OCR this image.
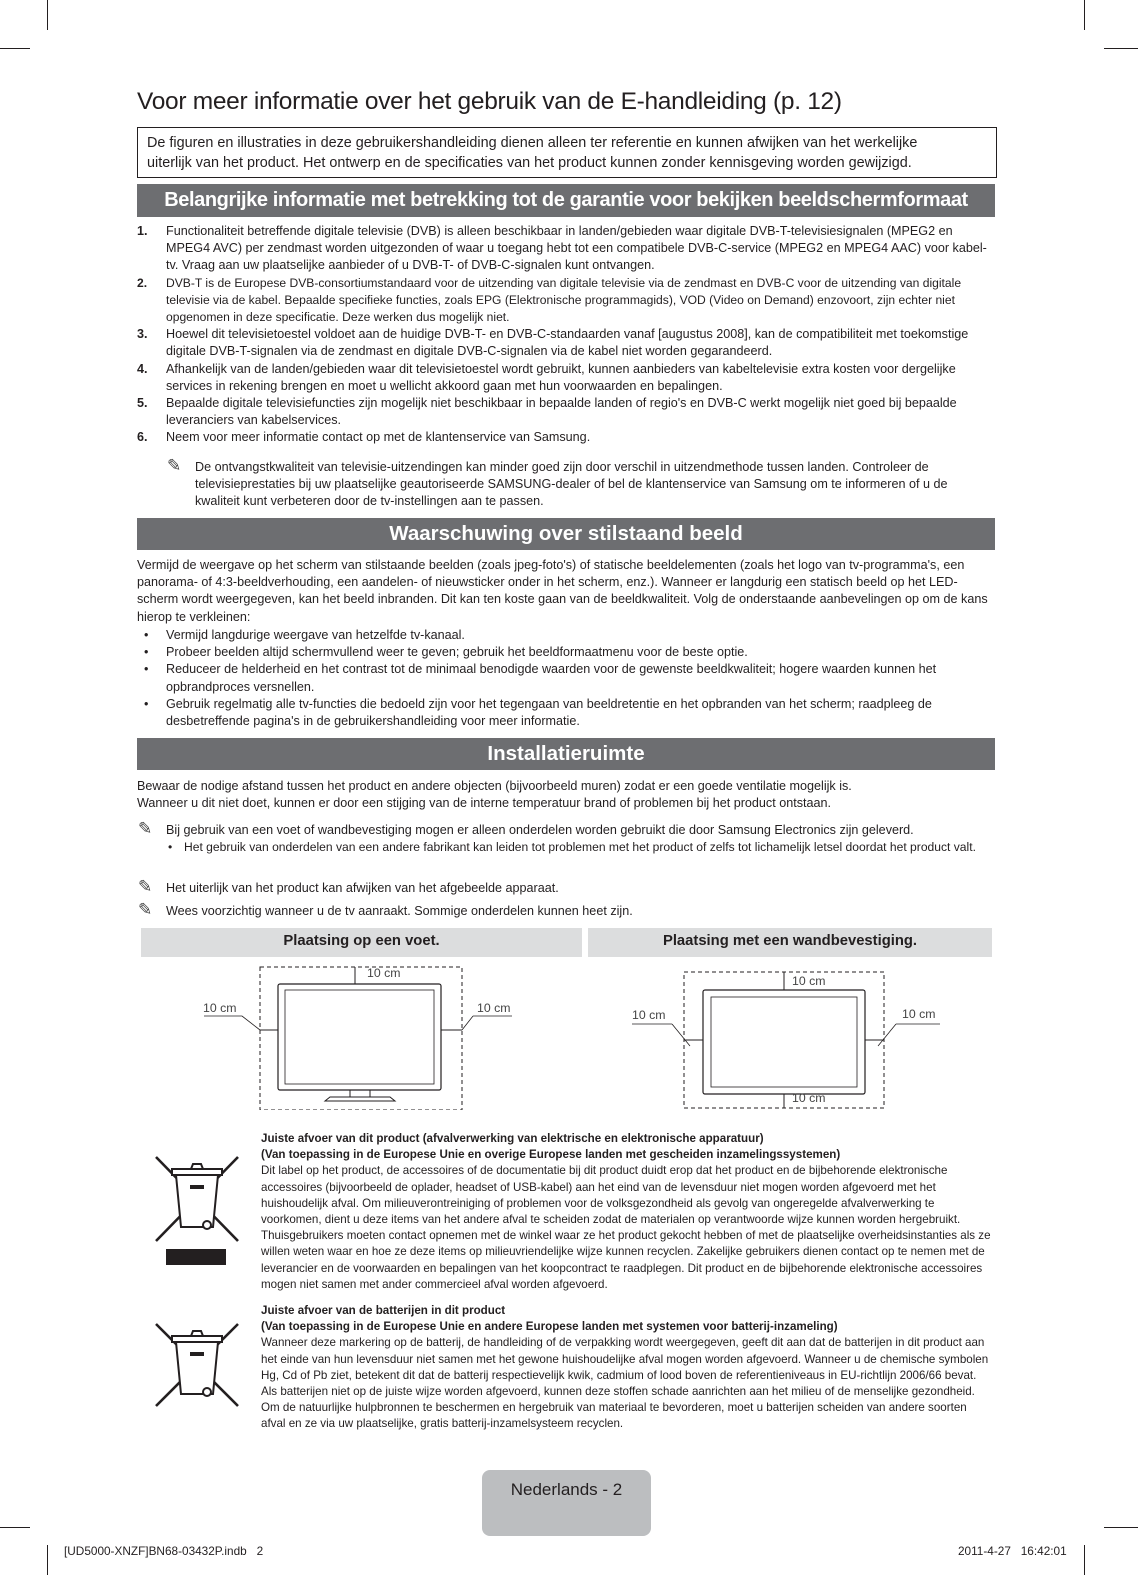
Voor meer informatie over het gebruik van de E-handleiding (p. 12)
De figuren en illustraties in deze gebruikershandleiding dienen alleen ter referentie en kunnen afwijken van het werkelijke
uiterlijk van het product. Het ontwerp en de specificaties van het product kunnen zonder kennisgeving worden gewijzigd.
Belangrijke informatie met betrekking tot de garantie voor bekijken beeldschermformaat
1. Functionaliteit betreffende digitale televisie (DVB) is alleen beschikbaar in landen/gebieden waar digitale DVB-T-televisiesignalen (MPEG2 en MPEG4 AVC) per zendmast worden uitgezonden of waar u toegang hebt tot een compatibele DVB-C-service (MPEG2 en MPEG4 AAC) voor kabel-tv. Vraag aan uw plaatselijke aanbieder of u DVB-T- of DVB-C-signalen kunt ontvangen.
2. DVB-T is de Europese DVB-consortiumstandaard voor de uitzending van digitale televisie via de zendmast en DVB-C voor de uitzending van digitale televisie via de kabel. Bepaalde specifieke functies, zoals EPG (Elektronische programmagids), VOD (Video on Demand) enzovoort, zijn echter niet opgenomen in deze specificatie. Deze werken dus mogelijk niet.
3. Hoewel dit televisietoestel voldoet aan de huidige DVB-T- en DVB-C-standaarden vanaf [augustus 2008], kan de compatibiliteit met toekomstige digitale DVB-T-signalen via de zendmast en digitale DVB-C-signalen via de kabel niet worden gegarandeerd.
4. Afhankelijk van de landen/gebieden waar dit televisietoestel wordt gebruikt, kunnen aanbieders van kabeltelevisie extra kosten voor dergelijke services in rekening brengen en moet u wellicht akkoord gaan met hun voorwaarden en bepalingen.
5. Bepaalde digitale televisiefuncties zijn mogelijk niet beschikbaar in bepaalde landen of regio's en DVB-C werkt mogelijk niet goed bij bepaalde leveranciers van kabelservices.
6. Neem voor meer informatie contact op met de klantenservice van Samsung.
✎ De ontvangstkwaliteit van televisie-uitzendingen kan minder goed zijn door verschil in uitzendmethode tussen landen. Controleer de televisieprestaties bij uw plaatselijke geautoriseerde SAMSUNG-dealer of bel de klantenservice van Samsung om te informeren of u de kwaliteit kunt verbeteren door de tv-instellingen aan te passen.
Waarschuwing over stilstaand beeld

Vermijd de weergave op het scherm van stilstaande beelden (zoals jpeg-foto's) of statische beeldelementen (zoals het logo van tv-programma's, een panorama- of 4:3-beeldverhouding, een aandelen- of nieuwsticker onder in het scherm, enz.). Wanneer er langdurig een statisch beeld op het LED-scherm wordt weergegeven, kan het beeld inbranden. Dit kan ten koste gaan van de beeldkwaliteit. Volg de onderstaande aanbevelingen op om de kans hierop te verkleinen:

• Vermijd langdurige weergave van hetzelfde tv-kanaal.
• Probeer beelden altijd schermvullend weer te geven; gebruik het beeldformaatmenu voor de beste optie.
• Reduceer de helderheid en het contrast tot de minimaal benodigde waarden voor de gewenste beeldkwaliteit; hogere waarden kunnen het opbrandproces versnellen.
• Gebruik regelmatig alle tv-functies die bedoeld zijn voor het tegengaan van beeldretentie en het opbranden van het scherm; raadpleeg de desbetreffende pagina's in de gebruikershandleiding voor meer informatie.
Installatieruimte

Bewaar de nodige afstand tussen het product en andere objecten (bijvoorbeeld muren) zodat er een goede ventilatie mogelijk is.
Wanneer u dit niet doet, kunnen er door een stijging van de interne temperatuur brand of problemen bij het product ontstaan.

✎ Bij gebruik van een voet of wandbevestiging mogen er alleen onderdelen worden gebruikt die door Samsung Electronics zijn geleverd.
• Het gebruik van onderdelen van een andere fabrikant kan leiden tot problemen met het product of zelfs tot lichamelijk letsel doordat het product valt.
✎ Het uiterlijk van het product kan afwijken van het afgebeelde apparaat.
✎ Wees voorzichtig wanneer u de tv aanraakt. Sommige onderdelen kunnen heet zijn.
Plaatsing op een voet.	Plaatsing met een wandbevestiging.
10 cm
10 cm	10 cm
10 cm
10 cm	10 cm
10 cm
Juiste afvoer van dit product (afvalverwerking van elektrische en elektronische apparatuur)
(Van toepassing in de Europese Unie en overige Europese landen met gescheiden inzamelingssystemen)
Dit label op het product, de accessoires of de documentatie bij dit product duidt erop dat het product en de bijbehorende elektronische accessoires (bijvoorbeeld de oplader, headset of USB-kabel) aan het eind van de levensduur niet mogen worden afgevoerd met het huishoudelijk afval. Om milieuverontreiniging of problemen voor de volksgezondheid als gevolg van ongeregelde afvalverwerking te voorkomen, dient u deze items van het andere afval te scheiden zodat de materialen op verantwoorde wijze kunnen worden hergebruikt. Thuisgebruikers moeten contact opnemen met de winkel waar ze het product gekocht hebben of met de plaatselijke overheidsinstanties als ze willen weten waar en hoe ze deze items op milieuvriendelijke wijze kunnen recyclen. Zakelijke gebruikers dienen contact op te nemen met de leverancier en de voorwaarden en bepalingen van het koopcontract te raadplegen. Dit product en de bijbehorende elektronische accessoires mogen niet samen met ander commercieel afval worden afgevoerd.
Juiste afvoer van de batterijen in dit product
(Van toepassing in de Europese Unie en andere Europese landen met systemen voor batterij-inzameling)
Wanneer deze markering op de batterij, de handleiding of de verpakking wordt weergegeven, geeft dit aan dat de batterijen in dit product aan het einde van hun levensduur niet samen met het gewone huishoudelijke afval mogen worden afgevoerd. Wanneer u de chemische symbolen Hg, Cd of Pb ziet, betekent dit dat de batterij respectievelijk kwik, cadmium of lood boven de referentieniveaus in EU-richtlijn 2006/66 bevat. Als batterijen niet op de juiste wijze worden afgevoerd, kunnen deze stoffen schade aanrichten aan het milieu of de menselijke gezondheid. Om de natuurlijke hulpbronnen te beschermen en hergebruik van materiaal te bevorderen, moet u batterijen scheiden van andere soorten afval en ze via uw plaatselijke, gratis batterij-inzamelsysteem recyclen.
Nederlands - 2
[UD5000-XNZF]BN68-03432P.indb   2	2011-4-27   16:42:01
